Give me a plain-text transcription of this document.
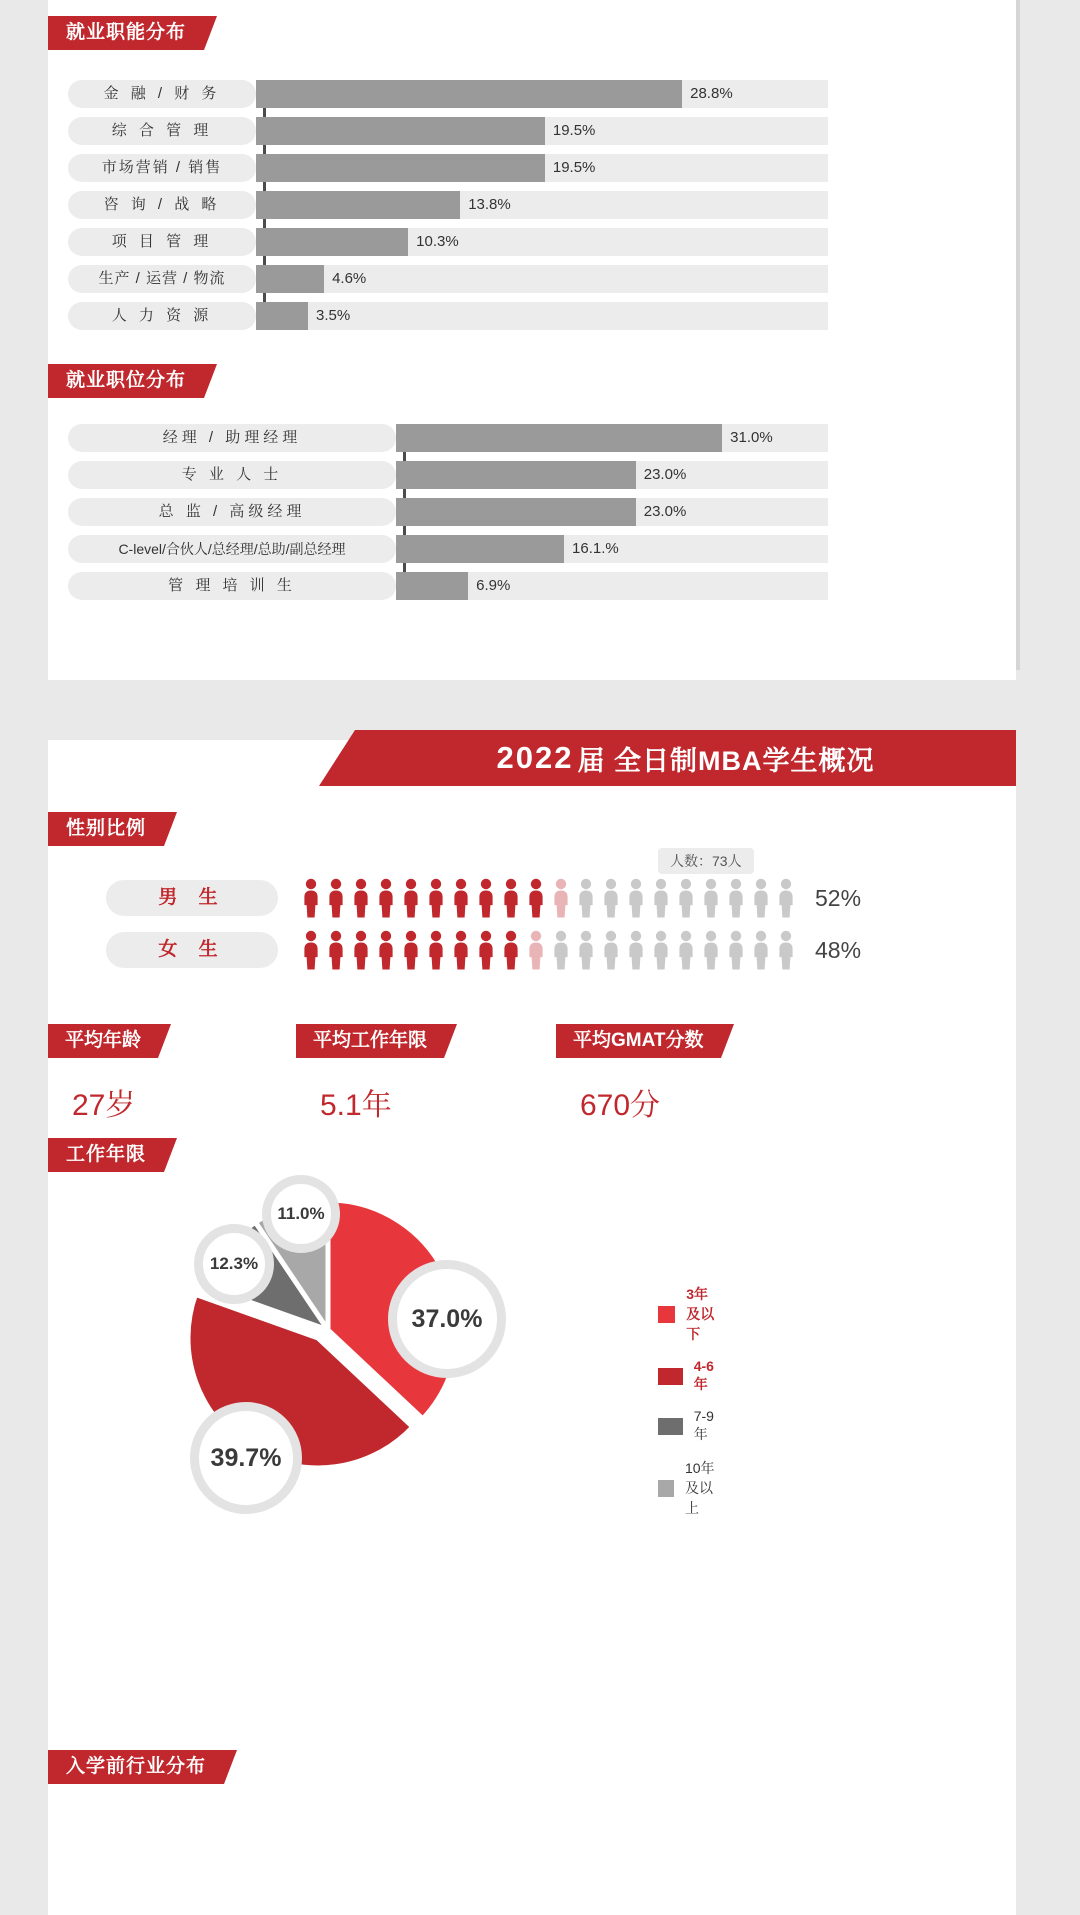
就业职能分布
金 融 / 财 务	28.8%
综 合 管 理	19.5%
市场营销 / 销售	19.5%
咨 询 / 战 略	13.8%
项 目 管 理	10.3%
生产 / 运营 / 物流	4.6%
人 力 资 源	3.5%
就业职位分布
经理 / 助理经理	31.0%
专 业 人 士	23.0%
总 监 / 高级经理	23.0%
C-level/合伙人/总经理/总助/副总经理	16.1.%
管 理 培 训 生	6.9%
2022 届 全日制MBA学生概况
性别比例
人数：73人
男 生	52%
女 生	48%
平均年龄
27岁
平均工作年限
5.1年
平均GMAT分数
670分
工作年限
37.0%
39.7%
12.3%
11.0%
3年及以下
4-6年
7-9年
10年及以上
入学前行业分布
